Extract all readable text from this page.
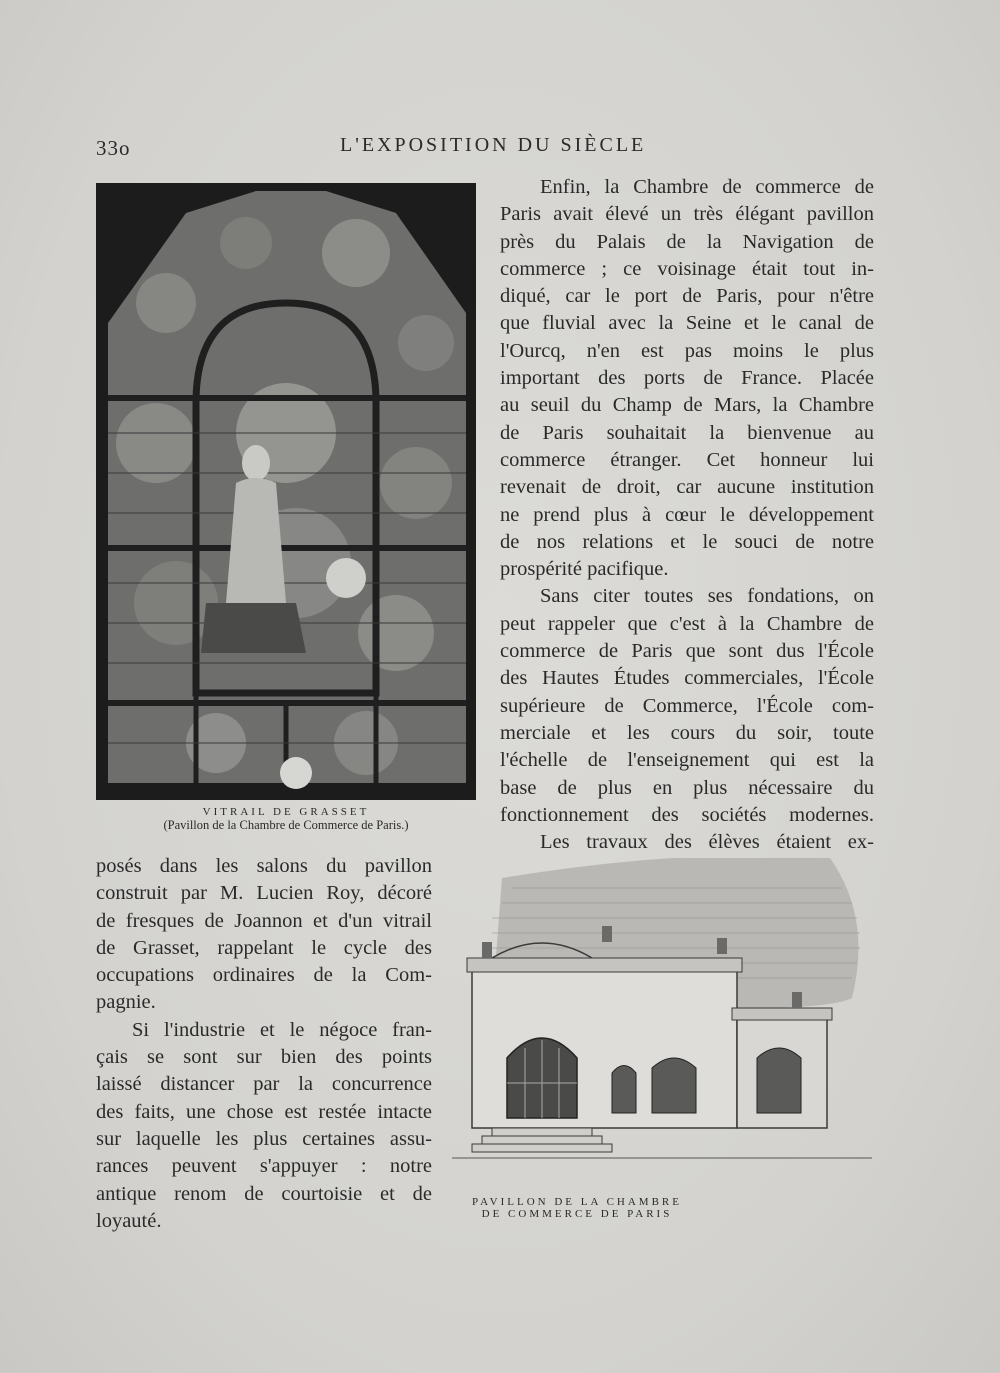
33o	L'EXPOSITION DU SIÈCLE
VITRAIL DE GRASSET
(Pavillon de la Chambre de Commerce de Paris.)
Enfin, la Chambre de commerce de
Paris avait élevé un très élégant pavillon
près du Palais de la Navigation de
commerce ; ce voisinage était tout in-
diqué, car le port de Paris, pour n'être
que fluvial avec la Seine et le canal de
l'Ourcq, n'en est pas moins le plus
important des ports de France. Placée
au seuil du Champ de Mars, la Chambre
de Paris souhaitait la bienvenue au
commerce étranger. Cet honneur lui
revenait de droit, car aucune institution
ne prend plus à cœur le développement
de nos relations et le souci de notre
prospérité pacifique.
Sans citer toutes ses fondations, on
peut rappeler que c'est à la Chambre de
commerce de Paris que sont dus l'École
des Hautes Études commerciales, l'École
supérieure de Commerce, l'École com-
merciale et les cours du soir, toute
l'échelle de l'enseignement qui est la
base de plus en plus nécessaire du
fonctionnement des sociétés modernes.
Les travaux des élèves étaient ex-
posés dans les salons du pavillon
construit par M. Lucien Roy, décoré
de fresques de Joannon et d'un vitrail
de Grasset, rappelant le cycle des
occupations ordinaires de la Com-
pagnie.
Si l'industrie et le négoce fran-
çais se sont sur bien des points
laissé distancer par la concurrence
des faits, une chose est restée intacte
sur laquelle les plus certaines assu-
rances peuvent s'appuyer : notre
antique renom de courtoisie et de
loyauté.
PAVILLON DE LA CHAMBRE
DE COMMERCE DE PARIS
